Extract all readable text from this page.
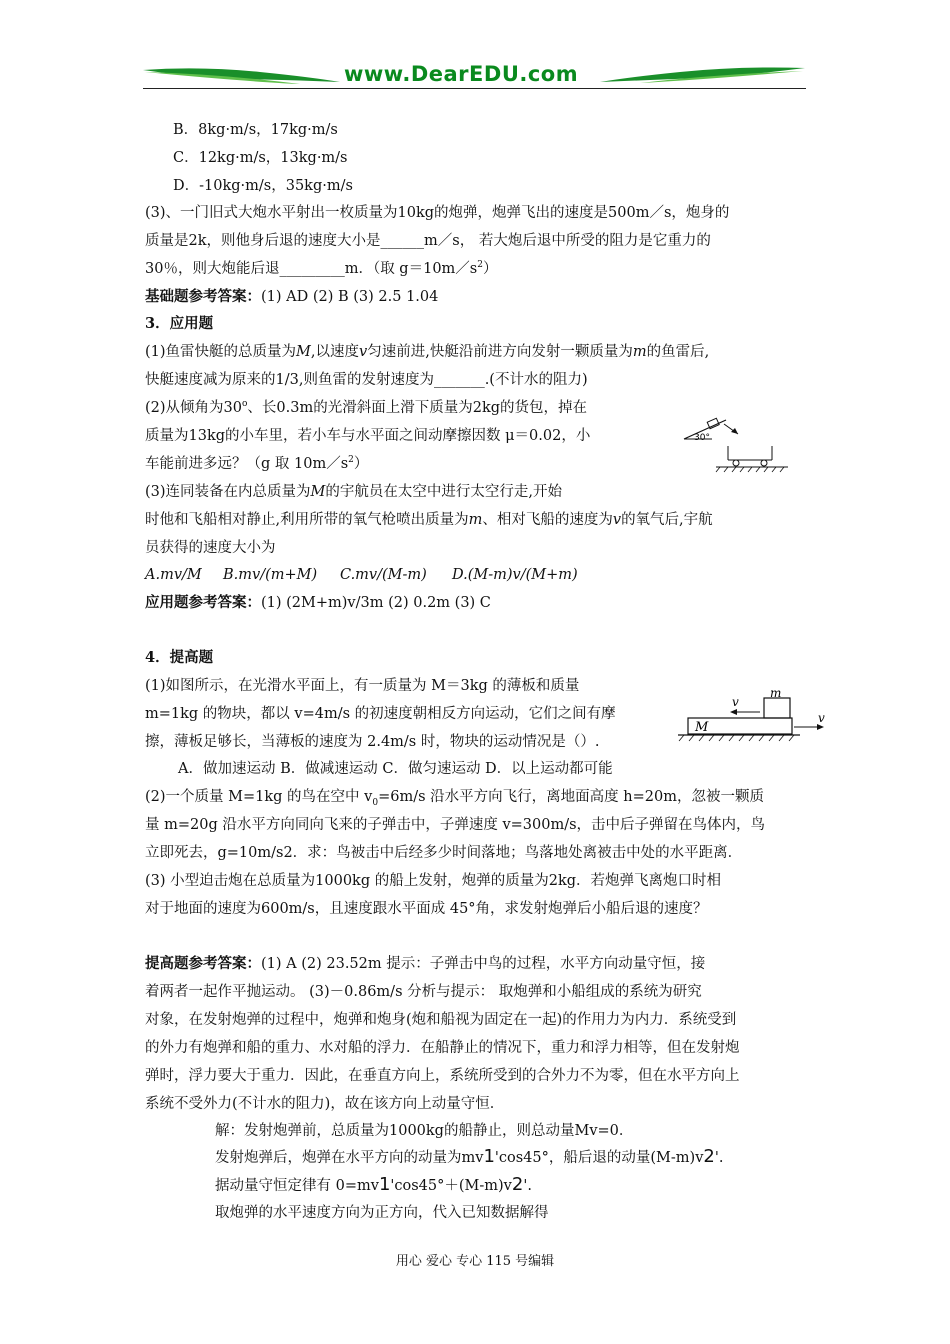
www.DearEDU.com
B．8kg·m/s，17kg·m/s
C．12kg·m/s，13kg·m/s
D．-10kg·m/s，35kg·m/s
(3)、一门旧式大炮水平射出一枚质量为10kg的炮弹，炮弹飞出的速度是500m／s，炮身的
质量是2k，则他身后退的速度大小是______m／s， 若大炮后退中所受的阻力是它重力的
30％，则大炮能后退_________m．（取 $g=10m/s^2$）
基础题参考答案：(1) AD (2) B (3) 2.5 1.04
3．应用题
(1)鱼雷快艇的总质量为M,以速度v匀速前进,快艇沿前进方向发射一颗质量为m的鱼雷后,
快艇速度减为原来的1/3,则鱼雷的发射速度为_______.(不计水的阻力)
(2)从倾角为30$^o$、长0.3m的光滑斜面上滑下质量为2kg的货包，掉在
质量为13kg的小车里，若小车与水平面之间动摩擦因数 μ＝0.02，小
车能前进多远？（g 取 $10m/s^2$）
(3)连同装备在内总质量为M的宇航员在太空中进行太空行走,开始
时他和飞船相对静止,利用所带的氧气枪喷出质量为m、相对飞船的速度为v的氧气后,宇航
员获得的速度大小为
A.mv/M B.mv/(m+M) C.mv/(M-m) D.(M-m)v/(M+m)
应用题参考答案：(1) (2M+m)v/3m (2) 0.2m (3) C
30°
4．提高题
(1)如图所示，在光滑水平面上，有一质量为 M＝3kg 的薄板和质量
m=1kg 的物块，都以 v=4m/s 的初速度朝相反方向运动，它们之间有摩
擦，薄板足够长，当薄板的速度为 2.4m/s 时，物块的运动情况是（）.
A．做加速运动 B．做减速运动 C．做匀速运动 D．以上运动都可能
M
m
v
v
(2)一个质量 M=1kg 的鸟在空中 $v_0=6m/s$ 沿水平方向飞行，离地面高度 h=20m，忽被一颗质
量 m=20g 沿水平方向同向飞来的子弹击中，子弹速度 v=300m/s，击中后子弹留在鸟体内，鸟
立即死去，g=10m/s2．求：鸟被击中后经多少时间落地；鸟落地处离被击中处的水平距离．
(3) 小型迫击炮在总质量为1000kg 的船上发射，炮弹的质量为2kg．若炮弹飞离炮口时相
对于地面的速度为600m/s，且速度跟水平面成 45°角，求发射炮弹后小船后退的速度？
提高题参考答案：(1) A (2) 23.52m 提示：子弹击中鸟的过程，水平方向动量守恒，接
着两者一起作平抛运动。 (3)－0.86m/s 分析与提示： 取炮弹和小船组成的系统为研究
对象，在发射炮弹的过程中，炮弹和炮身(炮和船视为固定在一起)的作用力为内力．系统受到
的外力有炮弹和船的重力、水对船的浮力．在船静止的情况下，重力和浮力相等，但在发射炮
弹时，浮力要大于重力．因此，在垂直方向上，系统所受到的合外力不为零，但在水平方向上
系统不受外力(不计水的阻力)，故在该方向上动量守恒．
解：发射炮弹前，总质量为1000kg的船静止，则总动量Mv=0．
发射炮弹后，炮弹在水平方向的动量为mv1'cos45°，船后退的动量(M-m)v2'.
据动量守恒定律有 0=mv1'cos45°＋(M-m)v2'.
取炮弹的水平速度方向为正方向，代入已知数据解得
用心 爱心 专心 115 号编辑
